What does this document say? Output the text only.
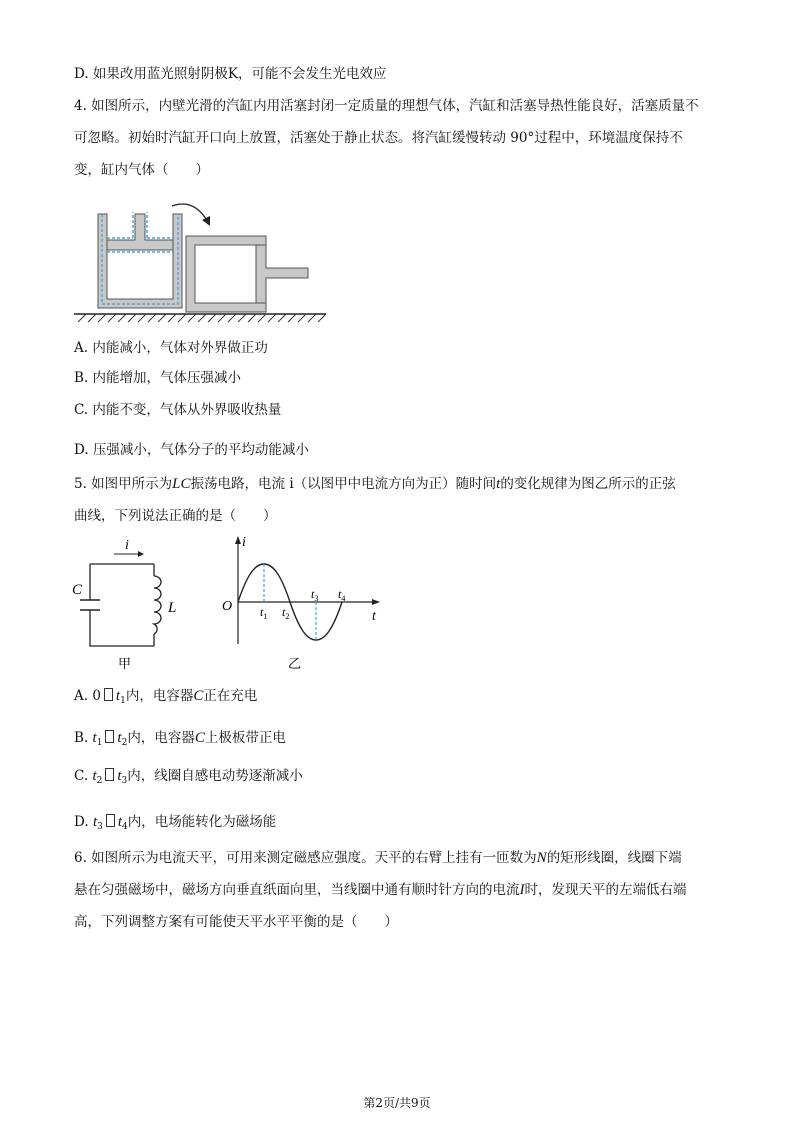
D. 如果改用蓝光照射阴极K，可能不会发生光电效应
4. 如图所示，内壁光滑的汽缸内用活塞封闭一定质量的理想气体，汽缸和活塞导热性能良好，活塞质量不
可忽略。初始时汽缸开口向上放置，活塞处于静止状态。将汽缸缓慢转动 90°过程中，环境温度保持不
变，缸内气体（　　）
A. 内能减小，气体对外界做正功
B. 内能增加，气体压强减小
C. 内能不变，气体从外界吸收热量
D. 压强减小，气体分子的平均动能减小
5. 如图甲所示为LC振荡电路，电流 i（以图甲中电流方向为正）随时间t的变化规律为图乙所示的正弦
曲线，下列说法正确的是（　　）
i
C
L
甲
i
t
O $t_1$ $t_2$
$t_3$ $t_4$
乙
A. 0 $t_1$内，电容器C正在充电
B. $t_1$ $t_2$内，电容器C上极板带正电
C. $t_2$ $t_3$内，线圈自感电动势逐渐减小
D. $t_3$ $t_4$内，电场能转化为磁场能
6. 如图所示为电流天平，可用来测定磁感应强度。天平的右臂上挂有一匝数为N的矩形线圈，线圈下端
悬在匀强磁场中，磁场方向垂直纸面向里，当线圈中通有顺时针方向的电流I时，发现天平的左端低右端
高，下列调整方案有可能使天平水平平衡的是（　　）
第2页/共9页
